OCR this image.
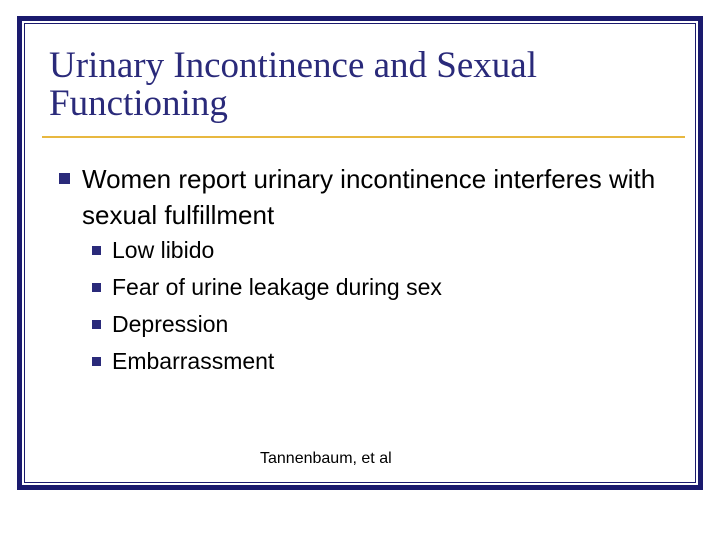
Urinary Incontinence and Sexual Functioning

Women report urinary incontinence interferes with sexual fulfillment

Low libido
Fear of urine leakage during sex
Depression
Embarrassment
Tannenbaum, et al
